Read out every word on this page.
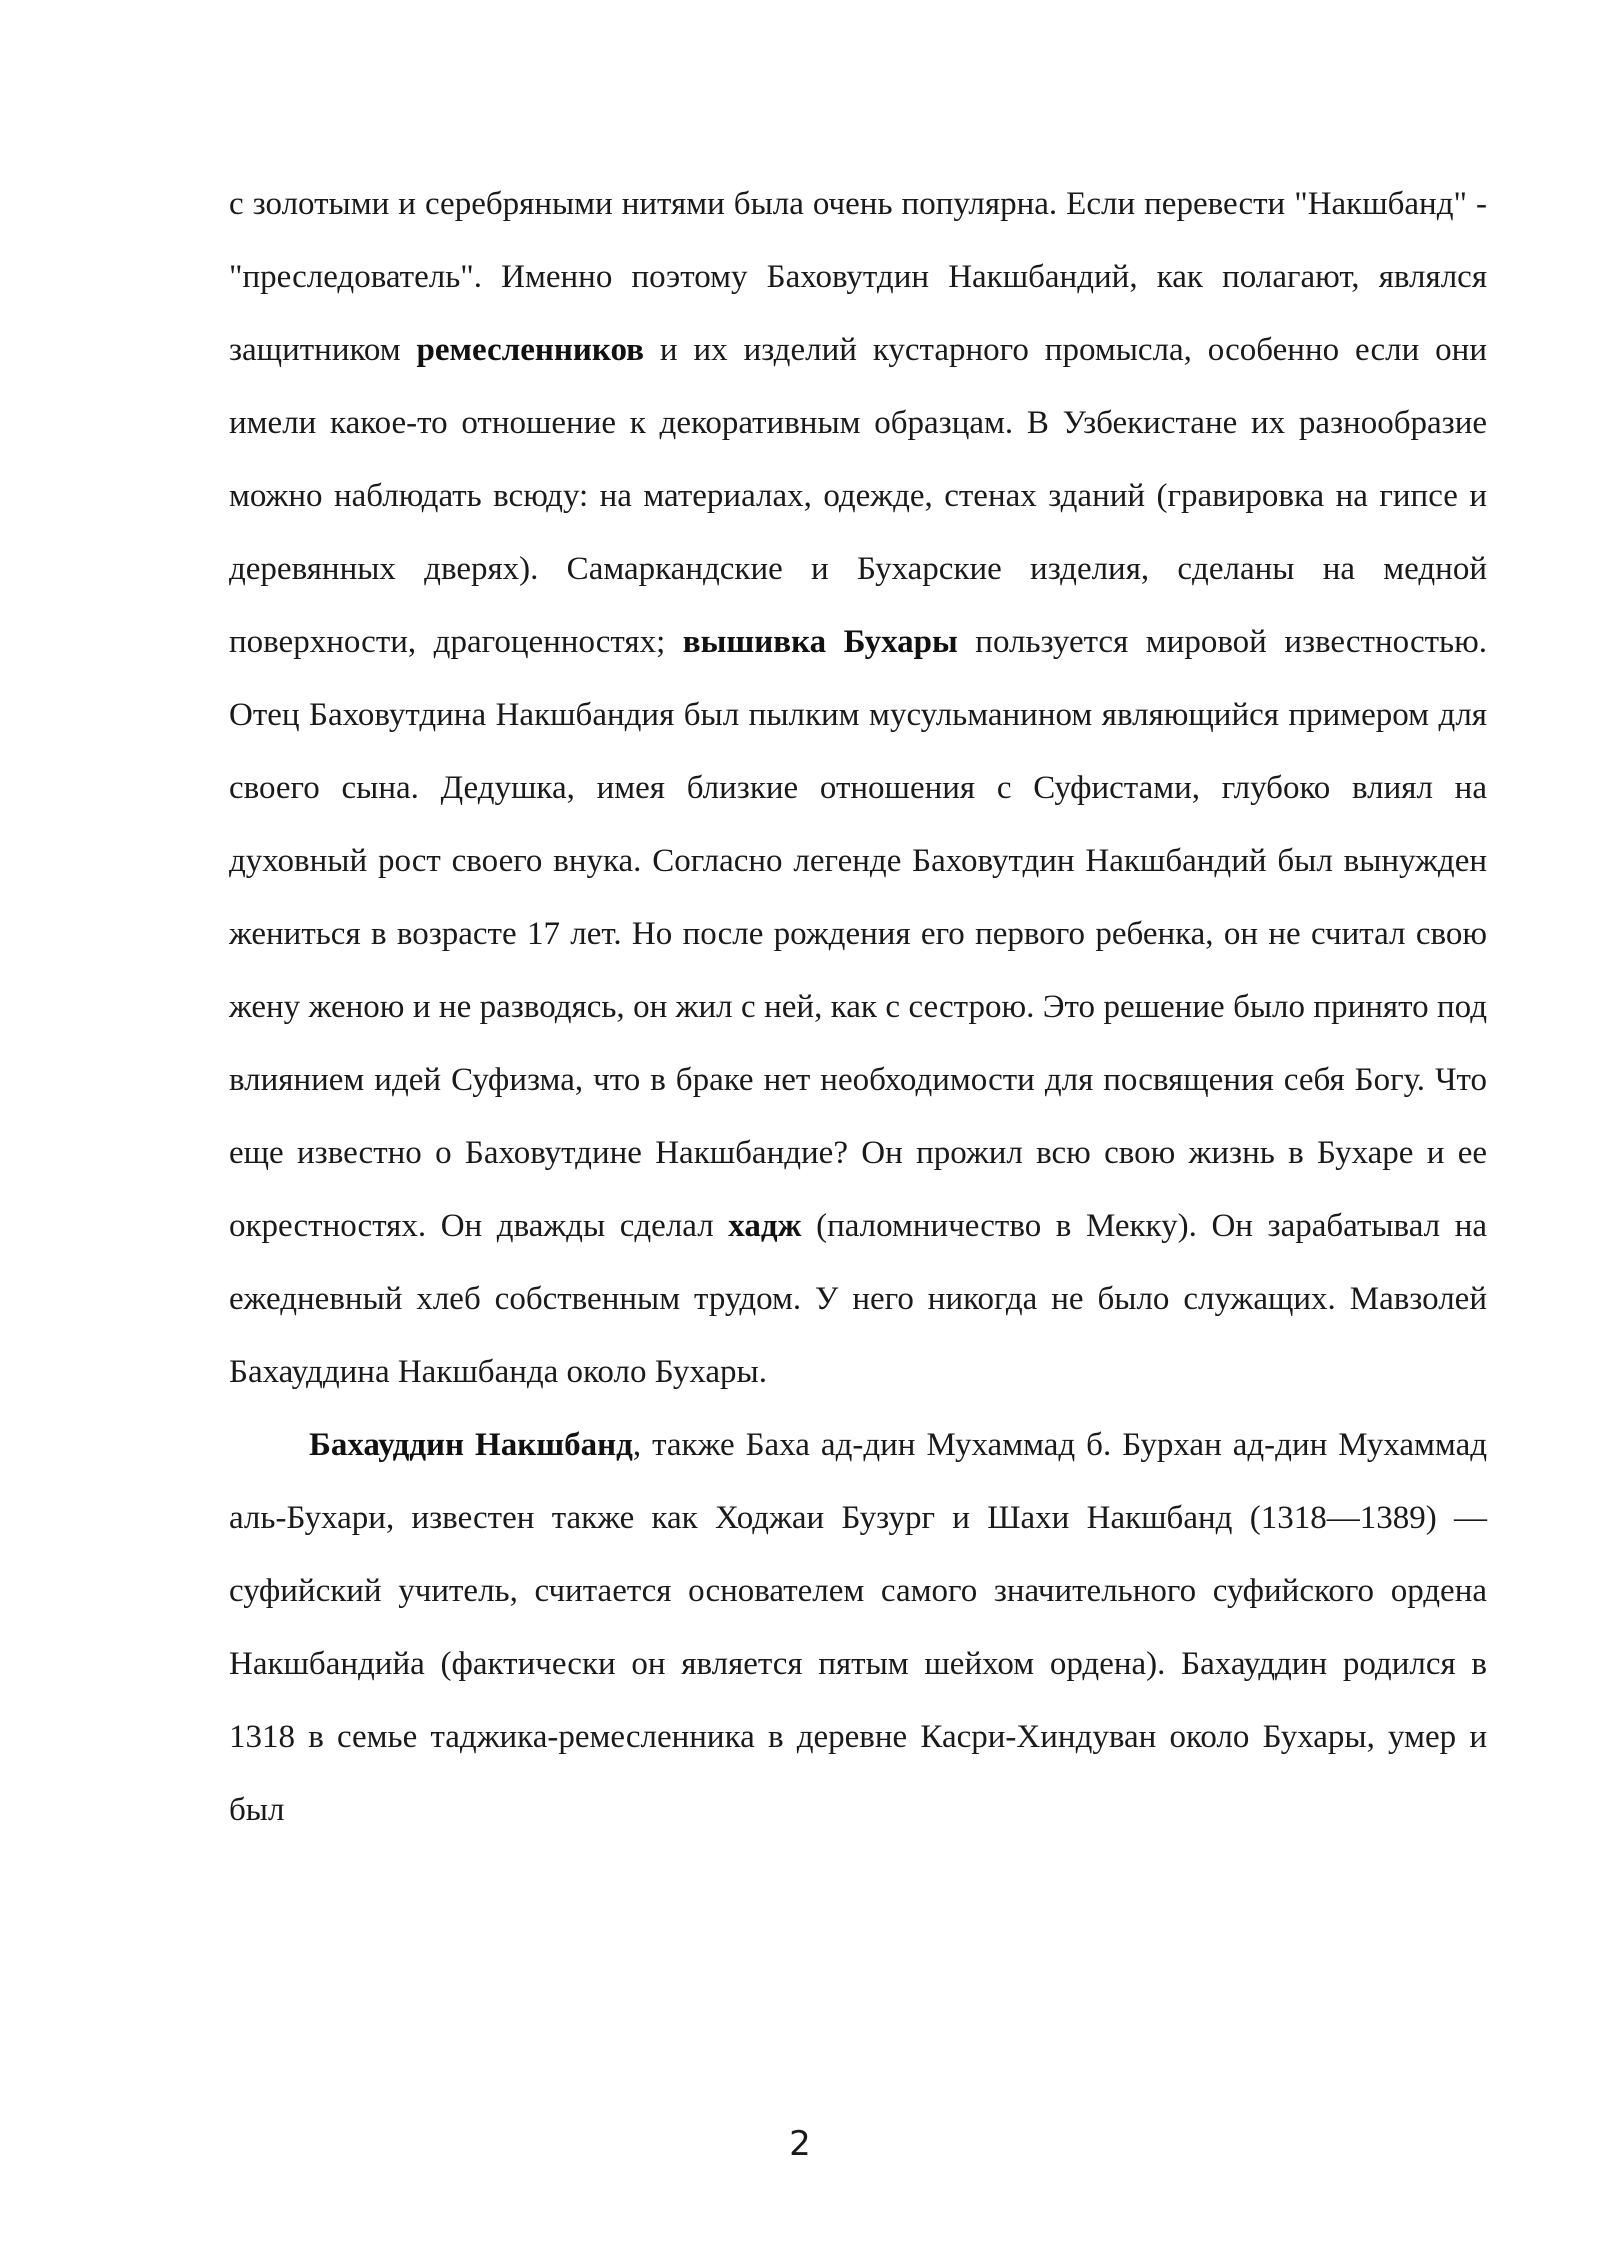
с золотыми и серебряными нитями была очень популярна. Если перевести "Накшбанд" - "преследователь". Именно поэтому Баховутдин Накшбандий, как полагают, являлся защитником ремесленников и их изделий кустарного промысла, особенно если они имели какое-то отношение к декоративным образцам. В Узбекистане их разнообразие можно наблюдать всюду: на материалах, одежде, стенах зданий (гравировка на гипсе и деревянных дверях). Самаркандские и Бухарские изделия, сделаны на медной поверхности, драгоценностях; вышивка Бухары пользуется мировой известностью. Отец Баховутдина Накшбандия был пылким мусульманином являющийся примером для своего сына. Дедушка, имея близкие отношения с Суфистами, глубоко влиял на духовный рост своего внука. Согласно легенде Баховутдин Накшбандий был вынужден жениться в возрасте 17 лет. Но после рождения его первого ребенка, он не считал свою жену женою и не разводясь, он жил с ней, как с сестрою. Это решение было принято под влиянием идей Суфизма, что в браке нет необходимости для посвящения себя Богу. Что еще известно о Баховутдине Накшбандие? Он прожил всю свою жизнь в Бухаре и ее окрестностях. Он дважды сделал хадж (паломничество в Мекку). Он зарабатывал на ежедневный хлеб собственным трудом. У него никогда не было служащих. Мавзолей Бахауддина Накшбанда около Бухары.

Бахауддин Накшбанд, также Баха ад-дин Мухаммад б. Бурхан ад-дин Мухаммад аль-Бухари, известен также как Ходжаи Бузург и Шахи Накшбанд (1318—1389) — суфийский учитель, считается основателем самого значительного суфийского ордена Накшбандийа (фактически он является пятым шейхом ордена). Бахауддин родился в 1318 в семье таджика-ремесленника в деревне Касри-Хиндуван около Бухары, умер и был

2
